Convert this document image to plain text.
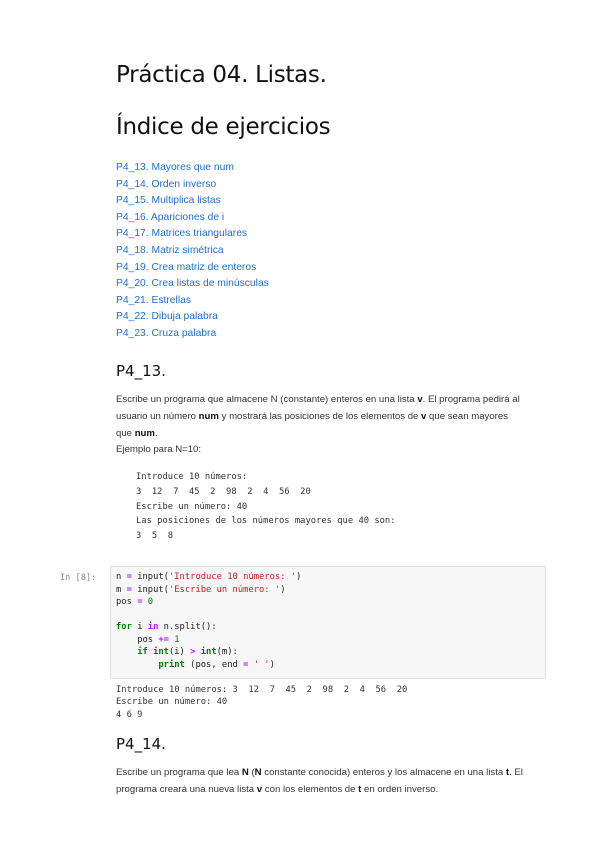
Práctica 04. Listas.
Índice de ejercicios
P4_13. Mayores que num
P4_14. Orden inverso
P4_15. Multiplica listas
P4_16. Apariciones de i
P4_17. Matrices triangulares
P4_18. Matriz simétrica
P4_19. Crea matriz de enteros
P4_20. Crea listas de minúsculas
P4_21. Estrellas
P4_22. Dibuja palabra
P4_23. Cruza palabra
P4_13.

Escribe un programa que almacene N (constante) enteros en una lista v. El programa pedirá al usuario un número num y mostrará las posiciones de los elementos de v que sean mayores que num.

Ejemplo para N=10:

Introduce 10 números:
3  12  7  45  2  98  2  4  56  20
Escribe un número: 40
Las posiciones de los números mayores que 40 son:
3  5  8
In [8]: n = input('Introduce 10 números: ')
m = input('Escribe un número: ')
pos = 0

for i in n.split():
pos += 1
if int(i) > int(m):
print (pos, end = ' ')
Introduce 10 números: 3  12  7  45  2  98  2  4  56  20
Escribe un número: 40
4 6 9
P4_14.

Escribe un programa que lea N (N constante conocida) enteros y los almacene en una lista t. El programa creará una nueva lista v con los elementos de t en orden inverso.
